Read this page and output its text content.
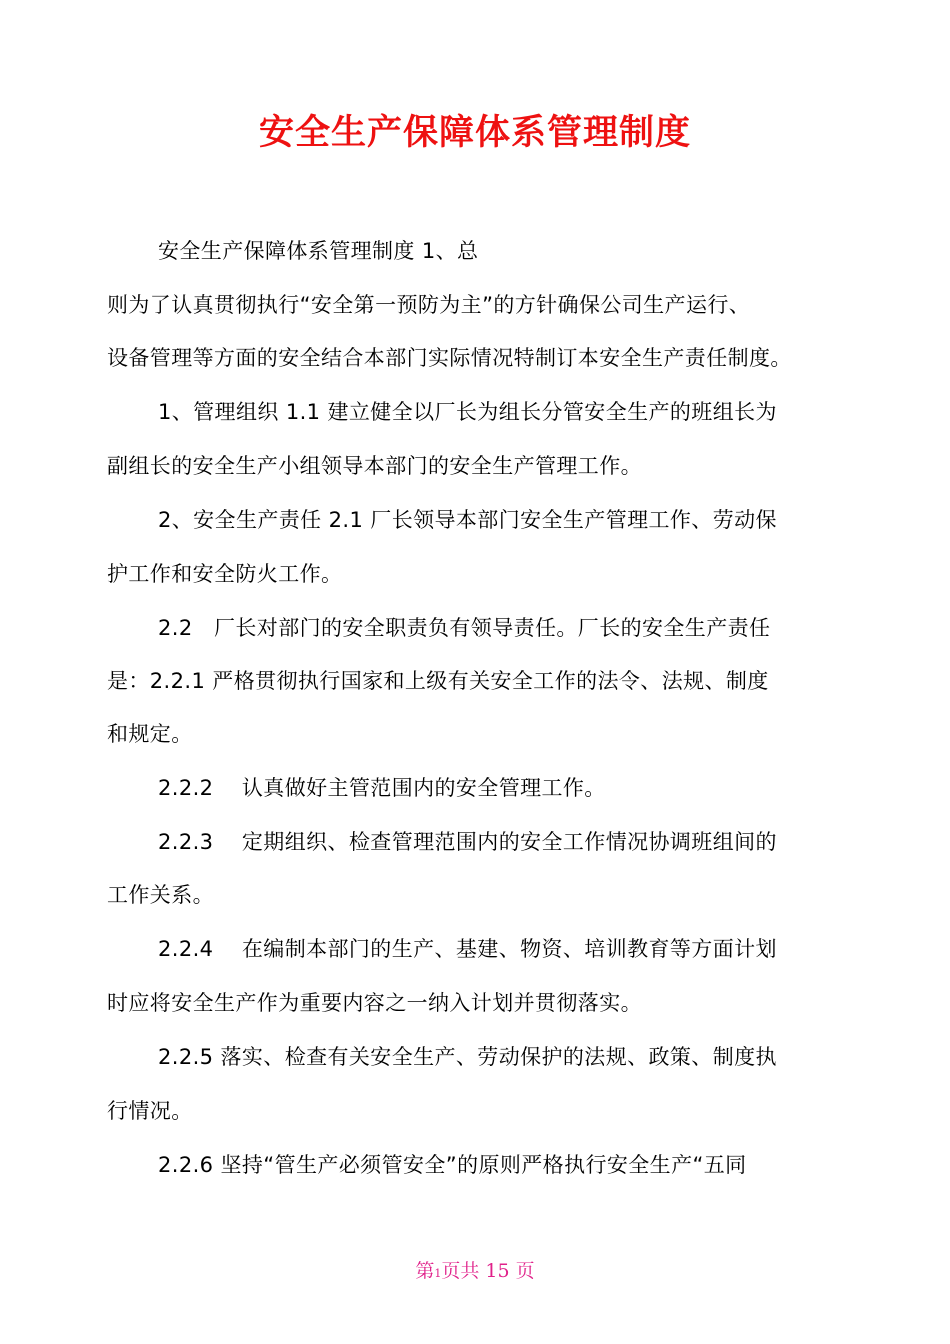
安全生产保障体系管理制度
安全生产保障体系管理制度 1、总
则为了认真贯彻执行“安全第一预防为主”的方针确保公司生产运行、
设备管理等方面的安全结合本部门实际情况特制订本安全生产责任制度。
1、管理组织 1.1 建立健全以厂长为组长分管安全生产的班组长为
副组长的安全生产小组领导本部门的安全生产管理工作。
2、安全生产责任 2.1 厂长领导本部门安全生产管理工作、劳动保
护工作和安全防火工作。
2.2　厂长对部门的安全职责负有领导责任。厂长的安全生产责任
是：2.2.1 严格贯彻执行国家和上级有关安全工作的法令、法规、制度
和规定。
2.2.2　 认真做好主管范围内的安全管理工作。
2.2.3　 定期组织、检查管理范围内的安全工作情况协调班组间的
工作关系。
2.2.4　 在编制本部门的生产、基建、物资、培训教育等方面计划
时应将安全生产作为重要内容之一纳入计划并贯彻落实。
2.2.5 落实、检查有关安全生产、劳动保护的法规、政策、制度执
行情况。
2.2.6 坚持“管生产必须管安全”的原则严格执行安全生产“五同
第1页共 15 页
